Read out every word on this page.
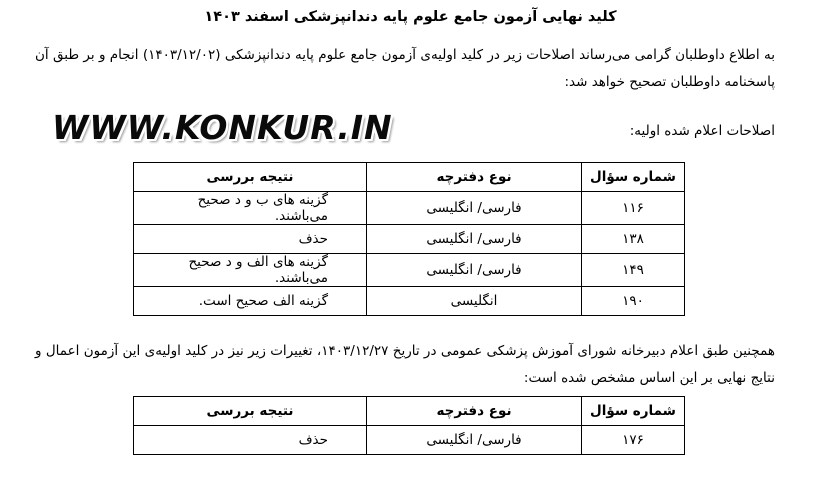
کلید نهایی آزمون جامع علوم پایه دندانپزشکی اسفند ۱۴۰۳
به اطلاع داوطلبان گرامی می‌رساند اصلاحات زیر در کلید اولیه‌ی آزمون جامع علوم پایه دندانپزشکی (۱۴۰۳/۱۲/۰۲) انجام و بر طبق آن پاسخنامه داوطلبان تصحیح خواهد شد:
WWW.KONKUR.IN	اصلاحات اعلام شده اولیه:
شماره سؤال	نوع دفترچه	نتیجه بررسی
۱۱۶	فارسی/ انگلیسی	گزینه های ب و د صحیح می‌باشند.
۱۳۸	فارسی/ انگلیسی	حذف
۱۴۹	فارسی/ انگلیسی	گزینه های الف و د صحیح می‌باشند.
۱۹۰	انگلیسی	گزینه الف صحیح است.
همچنین طبق اعلام دبیرخانه شورای آموزش پزشکی عمومی در تاریخ ۱۴۰۳/۱۲/۲۷، تغییرات زیر نیز در کلید اولیه‌ی این آزمون اعمال و نتایج نهایی بر این اساس مشخص شده است:
شماره سؤال	نوع دفترچه	نتیجه بررسی
۱۷۶	فارسی/ انگلیسی	حذف
